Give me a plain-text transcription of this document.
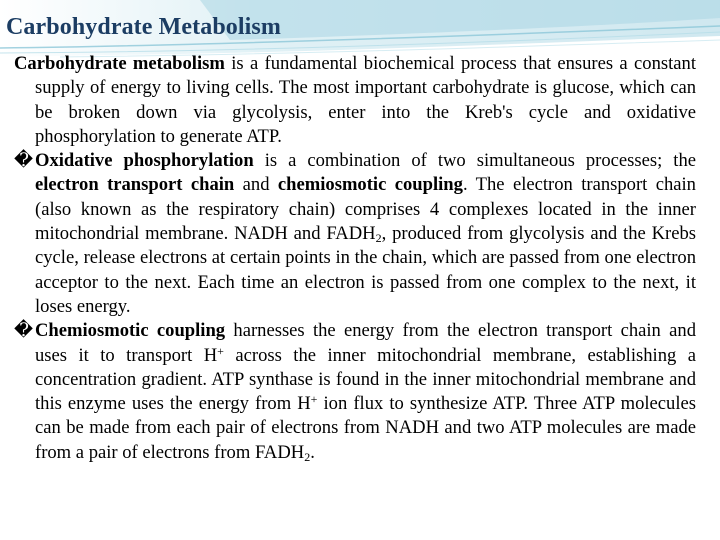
Carbohydrate Metabolism

Carbohydrate metabolism is a fundamental biochemical process that ensures a constant supply of energy to living cells. The most important carbohydrate is glucose, which can be broken down via glycolysis, enter into the Kreb's cycle and oxidative phosphorylation to generate ATP.

� Oxidative phosphorylation is a combination of two simultaneous processes; the electron transport chain and chemiosmotic coupling. The electron transport chain (also known as the respiratory chain) comprises 4 complexes located in the inner mitochondrial membrane. NADH and $FADH_2$, produced from glycolysis and the Krebs cycle, release electrons at certain points in the chain, which are passed from one electron acceptor to the next. Each time an electron is passed from one complex to the next, it loses energy.

� Chemiosmotic coupling harnesses the energy from the electron transport chain and uses it to transport H+ across the inner mitochondrial membrane, establishing a concentration gradient. ATP synthase is found in the inner mitochondrial membrane and this enzyme uses the energy from H+ ion flux to synthesize ATP. Three ATP molecules can be made from each pair of electrons from NADH and two ATP molecules are made from a pair of electrons from $FADH_2$.
